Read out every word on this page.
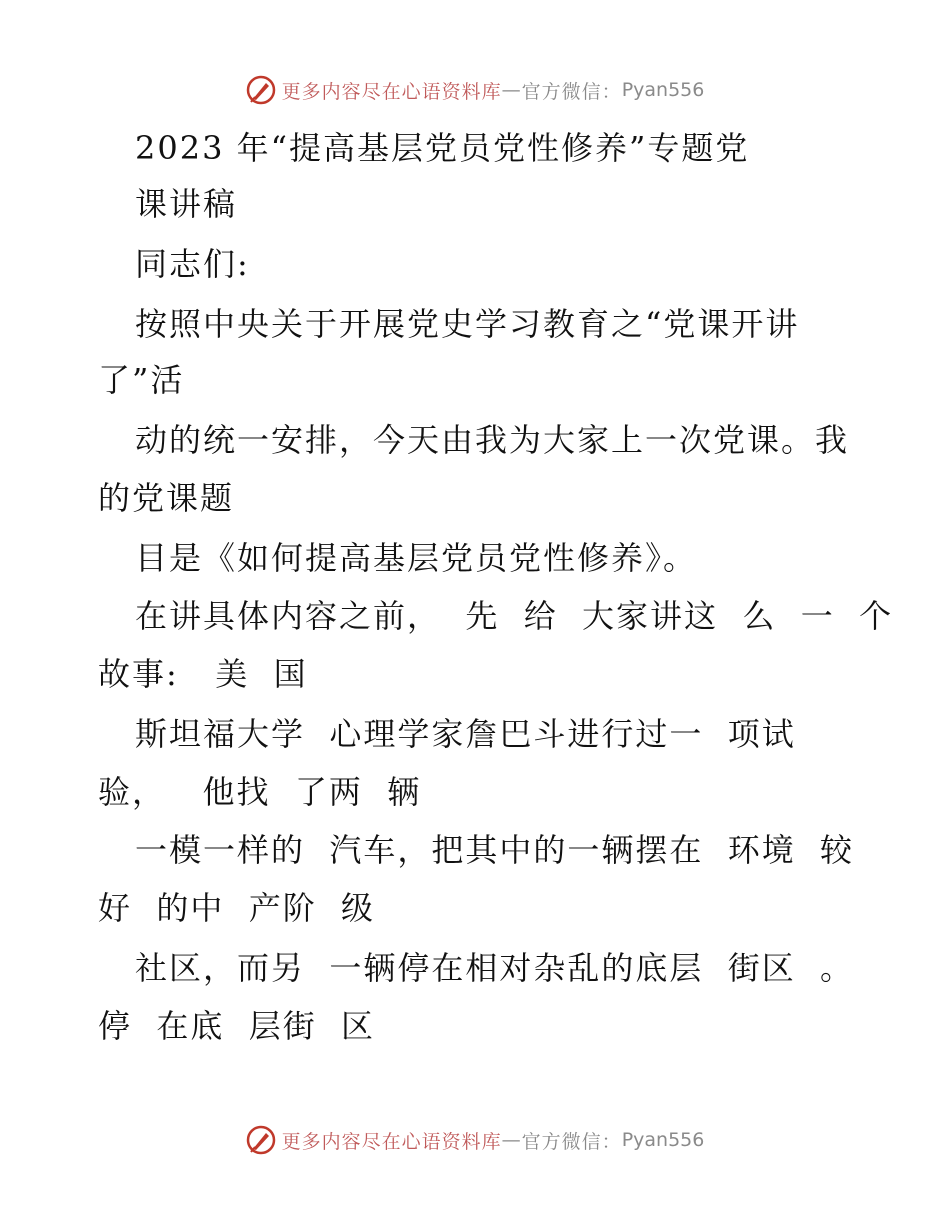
更多内容尽在心语资料库 — 官方微信： Pyan556
2023 年“提高基层党员党性修养”专题党
课讲稿
同志们:
按照中央关于开展党史学习教育之“党课开讲
了”活
动的统一安排，今天由我为大家上一次党课。我
的党课题
目是《如何提高基层党员党性修养》。
在讲具体内容之前，  先  给  大家讲这  么  一  个
故事:   美  国
斯坦福大学  心理学家詹巴斗进行过一  项试
验，   他找  了两  辆
一模一样的  汽车，把其中的一辆摆在  环境  较
好  的中  产阶  级
社区，而另  一辆停在相对杂乱的底层  街区  。
停  在底  层街  区
更多内容尽在心语资料库 — 官方微信： Pyan556
